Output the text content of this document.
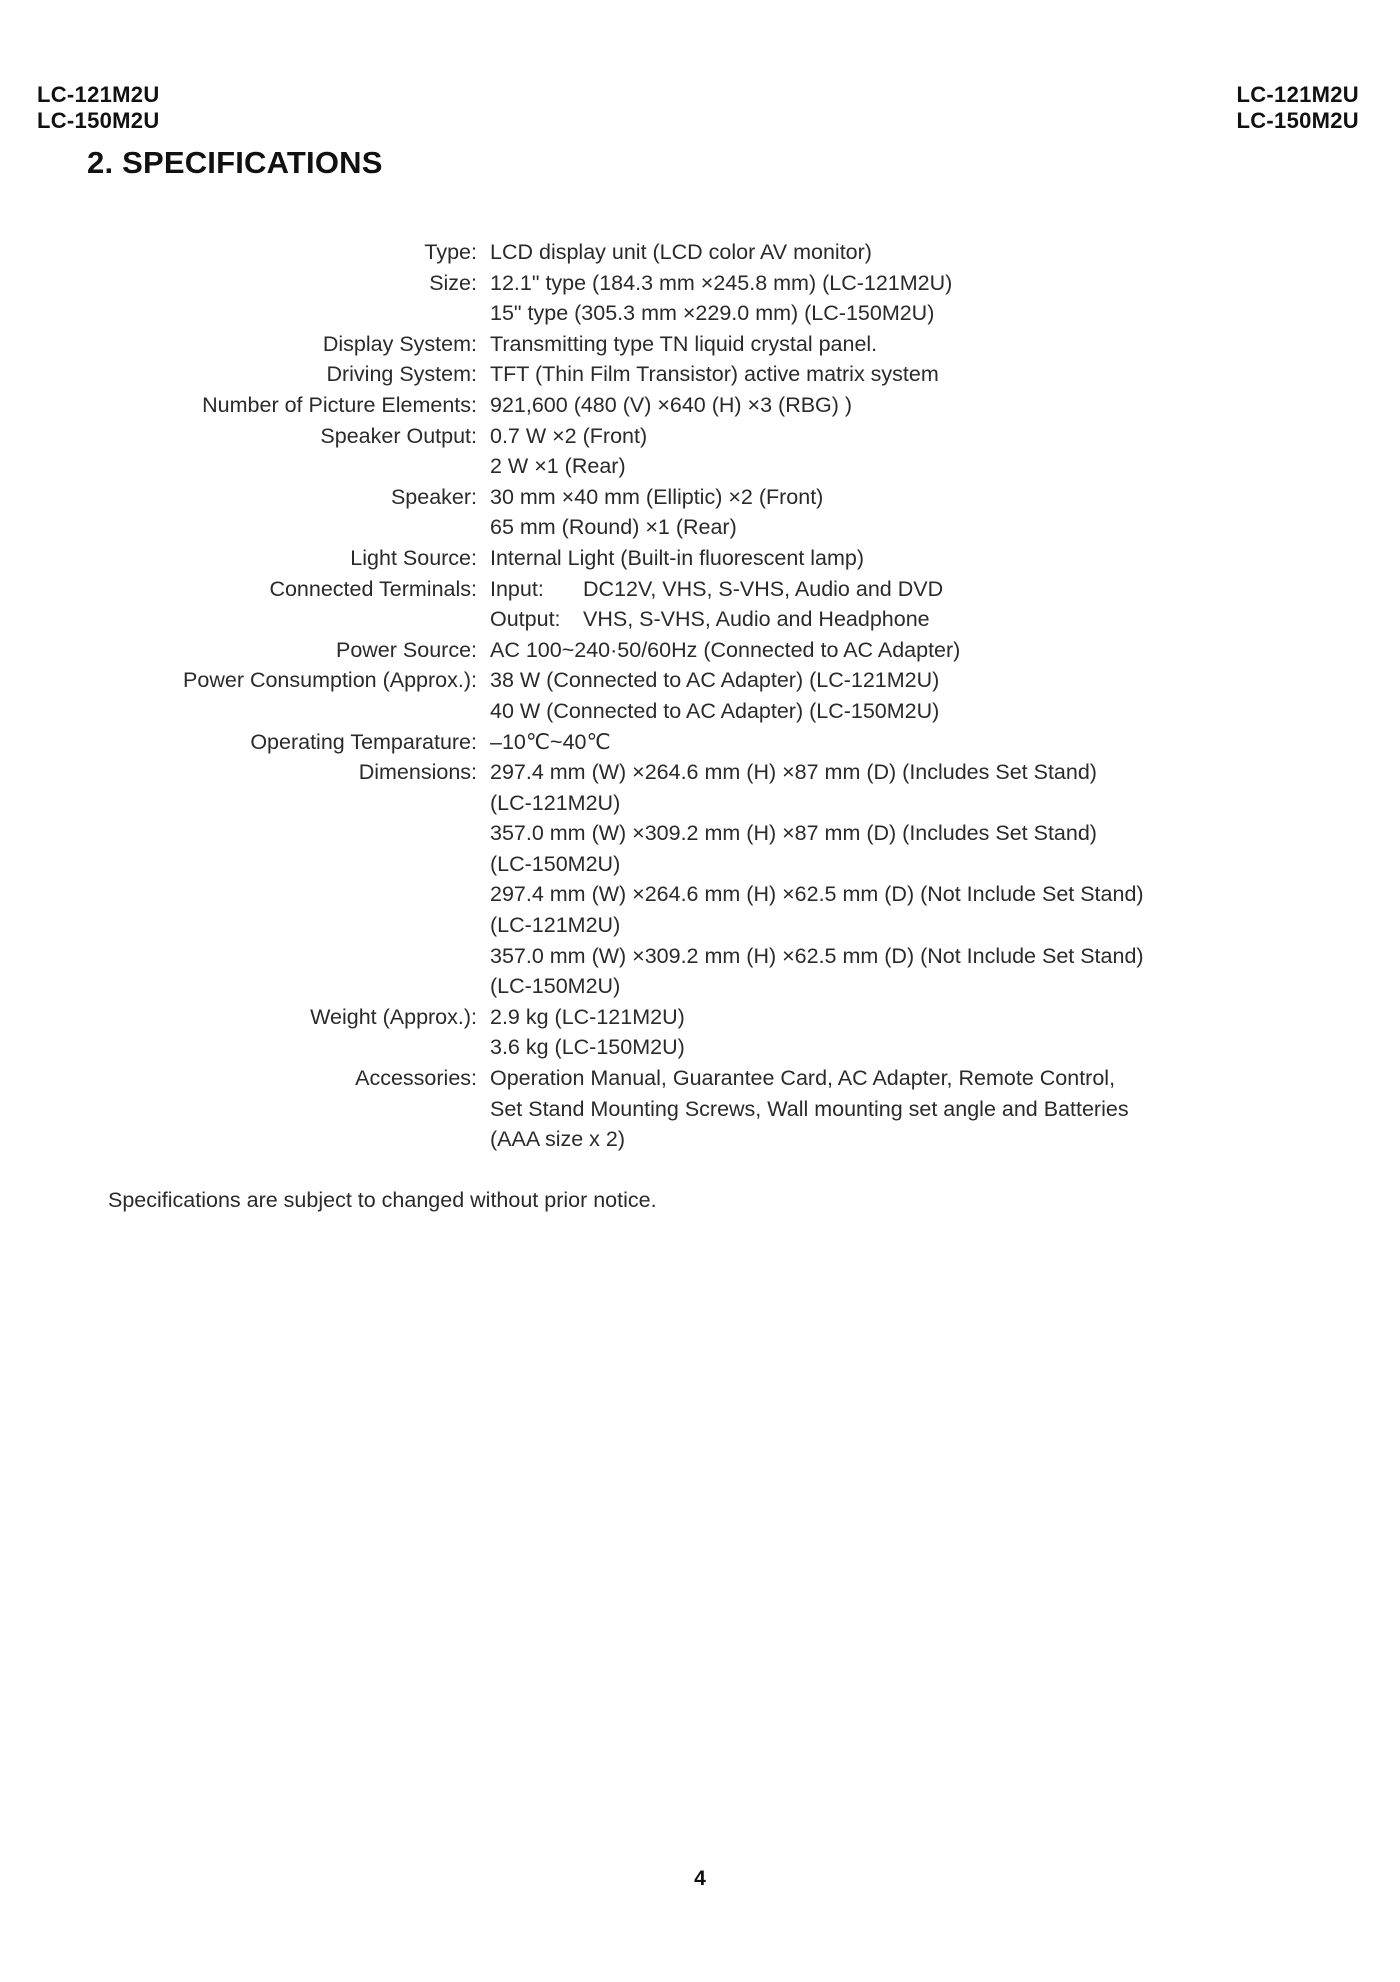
LC-121M2U
LC-150M2U
LC-121M2U
LC-150M2U
2. SPECIFICATIONS
Type: LCD display unit (LCD color AV monitor)
Size: 12.1" type (184.3 mm ×245.8 mm) (LC-121M2U)
15" type (305.3 mm ×229.0 mm) (LC-150M2U)
Display System: Transmitting type TN liquid crystal panel.
Driving System: TFT (Thin Film Transistor) active matrix system
Number of Picture Elements: 921,600 (480 (V) ×640 (H) ×3 (RBG) )
Speaker Output: 0.7 W ×2 (Front)
2 W ×1 (Rear)
Speaker: 30 mm ×40 mm (Elliptic) ×2 (Front)
65 mm (Round) ×1 (Rear)
Light Source: Internal Light (Built-in fluorescent lamp)
Connected Terminals: Input:	DC12V, VHS, S-VHS, Audio and DVD
Output:	VHS, S-VHS, Audio and Headphone
Power Source: AC 100~240·50/60Hz (Connected to AC Adapter)
Power Consumption (Approx.): 38 W (Connected to AC Adapter) (LC-121M2U)
40 W (Connected to AC Adapter) (LC-150M2U)
Operating Temparature: –10℃~40℃
Dimensions: 297.4 mm (W) ×264.6 mm (H) ×87 mm (D) (Includes Set Stand)
(LC-121M2U)
357.0 mm (W) ×309.2 mm (H) ×87 mm (D) (Includes Set Stand)
(LC-150M2U)
297.4 mm (W) ×264.6 mm (H) ×62.5 mm (D) (Not Include Set Stand)
(LC-121M2U)
357.0 mm (W) ×309.2 mm (H) ×62.5 mm (D) (Not Include Set Stand)
(LC-150M2U)
Weight (Approx.): 2.9 kg (LC-121M2U)
3.6 kg (LC-150M2U)
Accessories: Operation Manual, Guarantee Card, AC Adapter, Remote Control,
Set Stand Mounting Screws, Wall mounting set angle and Batteries
(AAA size x 2)
Specifications are subject to changed without prior notice.
4
